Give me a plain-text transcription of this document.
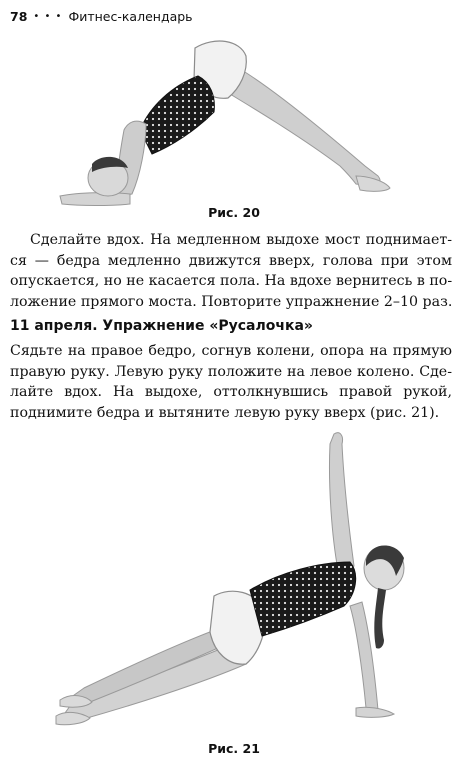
78 • • • Фитнес-календарь
Рис. 20
Сделайте вдох. На медленном выдохе мост поднимает-
ся — бедра медленно движутся вверх, голова при этом
опускается, но не касается пола. На вдохе вернитесь в по-
ложение прямого моста. Повторите упражнение 2–10 раз.
11 апреля. Упражнение «Русалочка»
Сядьте на правое бедро, согнув колени, опора на прямую
правую руку. Левую руку положите на левое колено. Сде-
лайте вдох. На выдохе, оттолкнувшись правой рукой,
поднимите бедра и вытяните левую руку вверх (рис. 21).
Рис. 21
